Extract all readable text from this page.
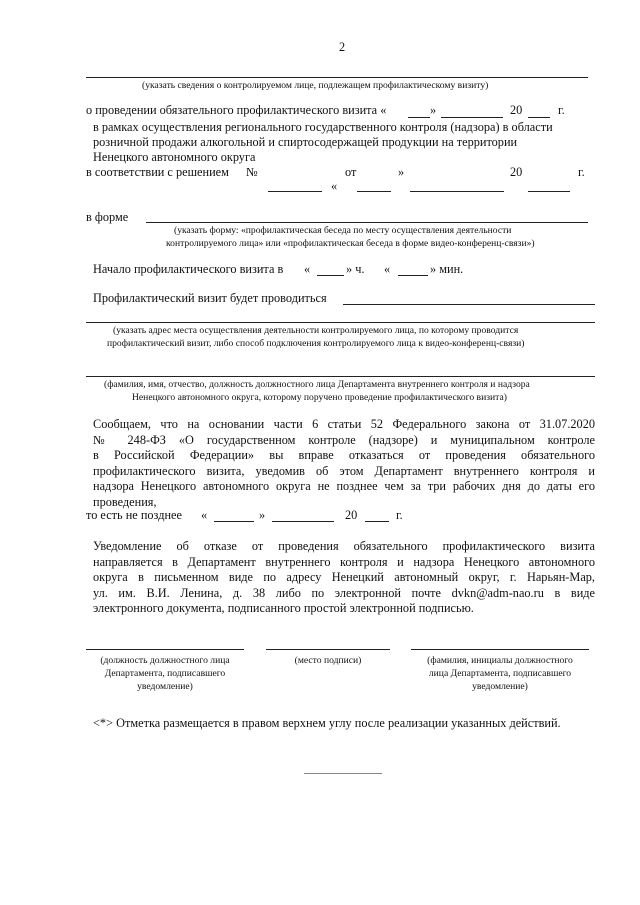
2
(указать сведения о контролируемом лице, подлежащем профилактическому визиту)
о проведении обязательного профилактического визита «	»	20	г.
в рамках осуществления регионального государственного контроля (надзора) в области
розничной продажи алкогольной и спиртосодержащей продукции на территории
Ненецкого автономного округа
в соответствии с решением №	от	»	20	г.
«
в форме
(указать форму: «профилактическая беседа по месту осуществления деятельности
контролируемого лица» или «профилактическая беседа в форме видео-конференц-связи»)
Начало профилактического визита в «	» ч. «	» мин.
Профилактический визит будет проводиться
(указать адрес места осуществления деятельности контролируемого лица, по которому проводится
профилактический визит, либо способ подключения контролируемого лица к видео-конференц-связи)
(фамилия, имя, отчество, должность должностного лица Департамента внутреннего контроля и надзора
Ненецкого автономного округа, которому поручено проведение профилактического визита)
Сообщаем, что на основании части 6 статьи 52 Федерального закона от 31.07.2020
№ 248-ФЗ «О государственном контроле (надзоре) и муниципальном контроле
в Российской Федерации» вы вправе отказаться от проведения обязательного
профилактического визита, уведомив об этом Департамент внутреннего контроля и
надзора Ненецкого автономного округа не позднее чем за три рабочих дня до даты его
проведения,
то есть не позднее «	»	20	г.
Уведомление об отказе от проведения обязательного профилактического визита
направляется в Департамент внутреннего контроля и надзора Ненецкого автономного
округа в письменном виде по адресу Ненецкий автономный округ, г. Нарьян-Мар,
ул. им. В.И. Ленина, д. 38 либо по электронной почте dvkn@adm-nao.ru в виде
электронного документа, подписанного простой электронной подписью.
(должность должностного лица
Департамента, подписавшего
уведомление)
(место подписи)	(фамилия, инициалы должностного
лица Департамента, подписавшего
уведомление)
<*> Отметка размещается в правом верхнем углу после реализации указанных действий.
